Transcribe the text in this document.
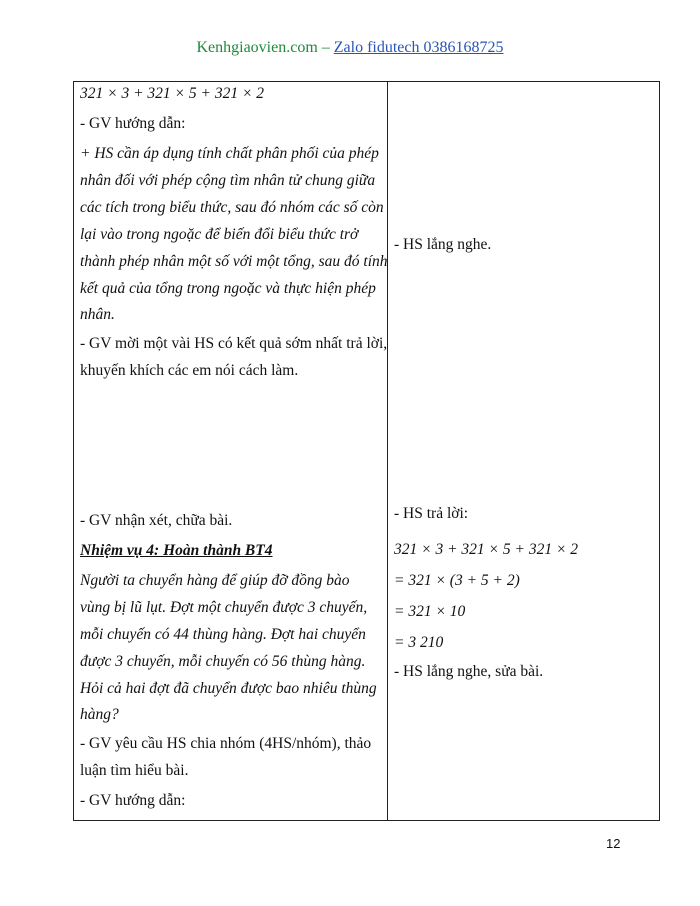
Kenhgiaovien.com – Zalo fidutech 0386168725
321 × 3 + 321 × 5 + 321 × 2
- GV hướng dẫn:
+ HS cần áp dụng tính chất phân phối của phép
nhân đối với phép cộng tìm nhân tử chung giữa
các tích trong biểu thức, sau đó nhóm các số còn
lại vào trong ngoặc để biến đổi biểu thức trở
thành phép nhân một số với một tổng, sau đó tính
kết quả của tổng trong ngoặc và thực hiện phép
nhân.
- GV mời một vài HS có kết quả sớm nhất trả lời,
khuyến khích các em nói cách làm.
- GV nhận xét, chữa bài.
Nhiệm vụ 4: Hoàn thành BT4
Người ta chuyển hàng để giúp đỡ đồng bào
vùng bị lũ lụt. Đợt một chuyển được 3 chuyến,
mỗi chuyến có 44 thùng hàng. Đợt hai chuyển
được 3 chuyến, mỗi chuyến có 56 thùng hàng.
Hỏi cả hai đợt đã chuyển được bao nhiêu thùng
hàng?
- GV yêu cầu HS chia nhóm (4HS/nhóm), thảo
luận tìm hiểu bài.
- GV hướng dẫn:
- HS lắng nghe.
- HS trả lời:
321 × 3 + 321 × 5 + 321 × 2
= 321 × (3 + 5 + 2)
= 321 × 10
= 3 210
- HS lắng nghe, sửa bài.
12
